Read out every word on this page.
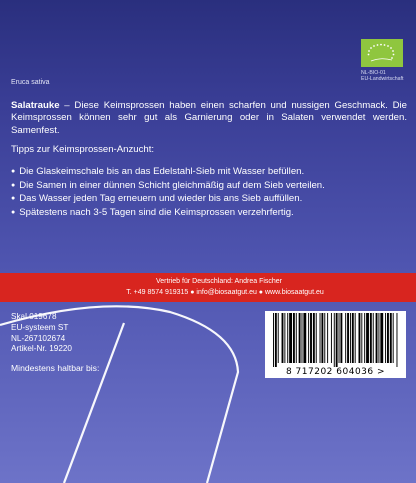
NL-BIO-01
EU-Landwirtschaft
Eruca sativa
Salatrauke – Diese Keimsprossen haben einen scharfen und nussigen Geschmack. Die Keimsprossen können sehr gut als Garnierung oder in Salaten verwendet werden. Samenfest.
Tipps zur Keimsprossen-Anzucht:
● Die Glaskeimschale bis an das Edelstahl-Sieb mit Wasser befüllen.
● Die Samen in einer dünnen Schicht gleichmäßig auf dem Sieb verteilen.
● Das Wasser jeden Tag erneuern und wieder bis ans Sieb auffüllen.
● Spätestens nach 3-5 Tagen sind die Keimsprossen verzehrfertig.
Vertrieb für Deutschland: Andrea Fischer
T. +49 8574 919315 ● info@biosaatgut.eu ● www.biosaatgut.eu
Skal 019678
EU-systeem ST
NL-267102674
Artikel-Nr. 19220
Mindestens haltbar bis:	8 717202 604036 >
